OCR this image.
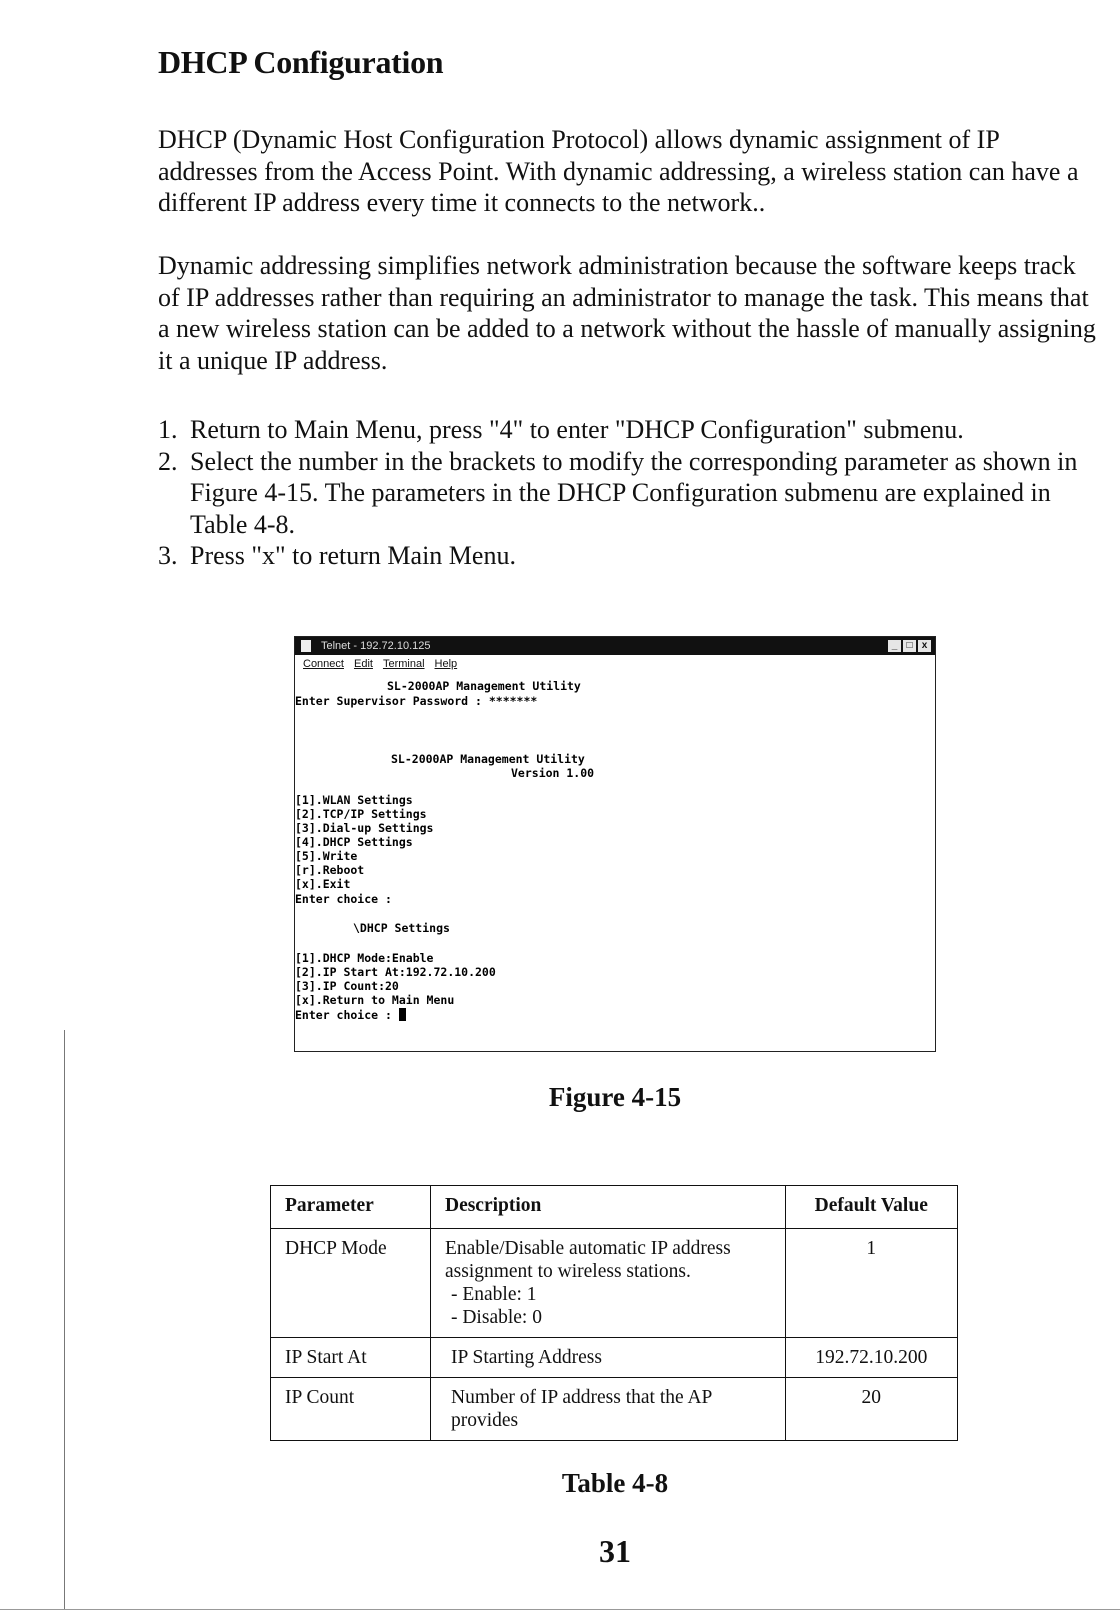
DHCP Configuration

DHCP (Dynamic Host Configuration Protocol) allows dynamic assignment of IP addresses from the Access Point. With dynamic addressing, a wireless station can have a different IP address every time it connects to the network..

Dynamic addressing simplifies network administration because the software keeps track of IP addresses rather than requiring an administrator to manage the task. This means that a new wireless station can be added to a network without the hassle of manually assigning it a unique IP address.

1. Return to Main Menu, press "4" to enter "DHCP Configuration" submenu.
2. Select the number in the brackets to modify the corresponding parameter as shown in Figure 4-15. The parameters in the DHCP Configuration submenu are explained in Table 4-8.
3. Press "x" to return Main Menu.
Telnet - 192.72.10.125	_ □ x
Connect Edit Terminal Help
SL-2000AP Management Utility
Enter Supervisor Password : *******
SL-2000AP Management Utility
Version 1.00
[1].WLAN Settings
[2].TCP/IP Settings
[3].Dial-up Settings
[4].DHCP Settings
[5].Write
[r].Reboot
[x].Exit
Enter choice :
\DHCP Settings
[1].DHCP Mode:Enable
[2].IP Start At:192.72.10.200
[3].IP Count:20
[x].Return to Main Menu
Enter choice :
Figure 4-15
Parameter	Description	Default Value
DHCP Mode	Enable/Disable automatic IP address
assignment to wireless stations.
- Enable: 1
- Disable: 0	1
IP Start At	IP Starting Address	192.72.10.200
IP Count	Number of IP address that the AP
provides	20
Table 4-8
31
